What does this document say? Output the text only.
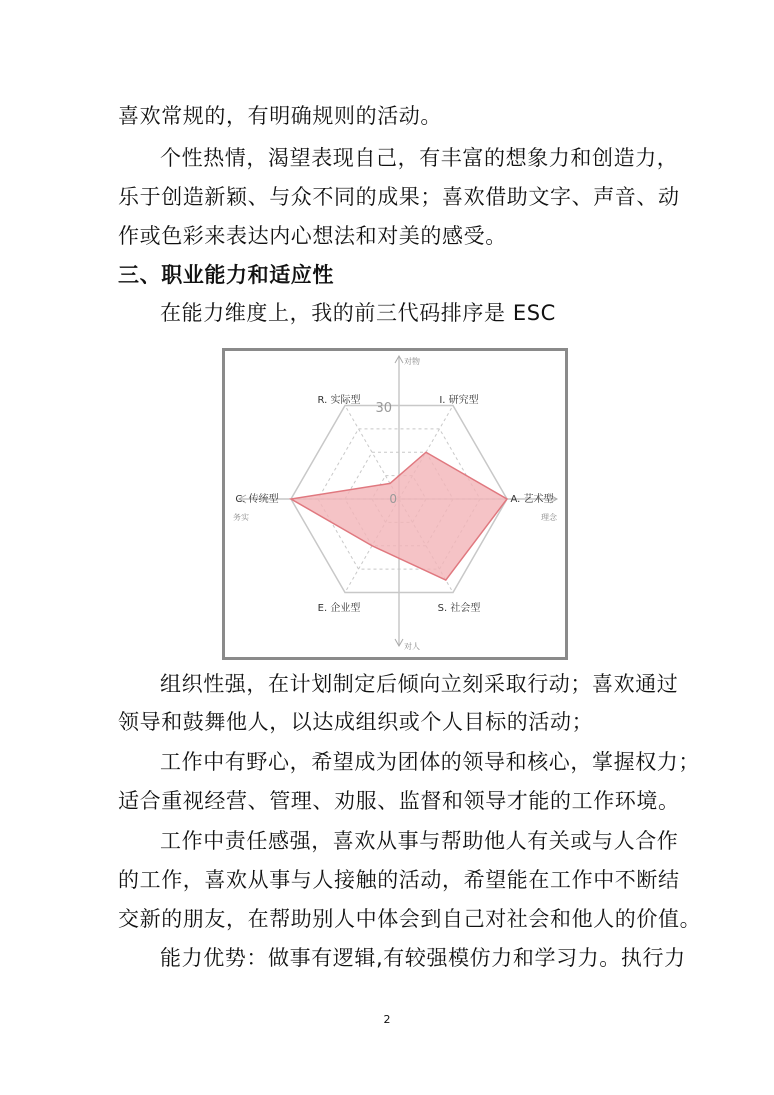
喜欢常规的，有明确规则的活动。
个性热情，渴望表现自己，有丰富的想象力和创造力，
乐于创造新颖、与众不同的成果；喜欢借助文字、声音、动
作或色彩来表达内心想法和对美的感受。
三、职业能力和适应性
在能力维度上，我的前三代码排序是 ESC
R. 实际型	I. 研究型
A. 艺术型
S. 社会型
E. 企业型
C. 传统型
30
0
对物
对人
务实	理念
组织性强，在计划制定后倾向立刻采取行动；喜欢通过
领导和鼓舞他人，以达成组织或个人目标的活动；
工作中有野心，希望成为团体的领导和核心，掌握权力；
适合重视经营、管理、劝服、监督和领导才能的工作环境。
工作中责任感强，喜欢从事与帮助他人有关或与人合作
的工作，喜欢从事与人接触的活动，希望能在工作中不断结
交新的朋友，在帮助别人中体会到自己对社会和他人的价值。
能力优势：做事有逻辑,有较强模仿力和学习力。执行力
2
